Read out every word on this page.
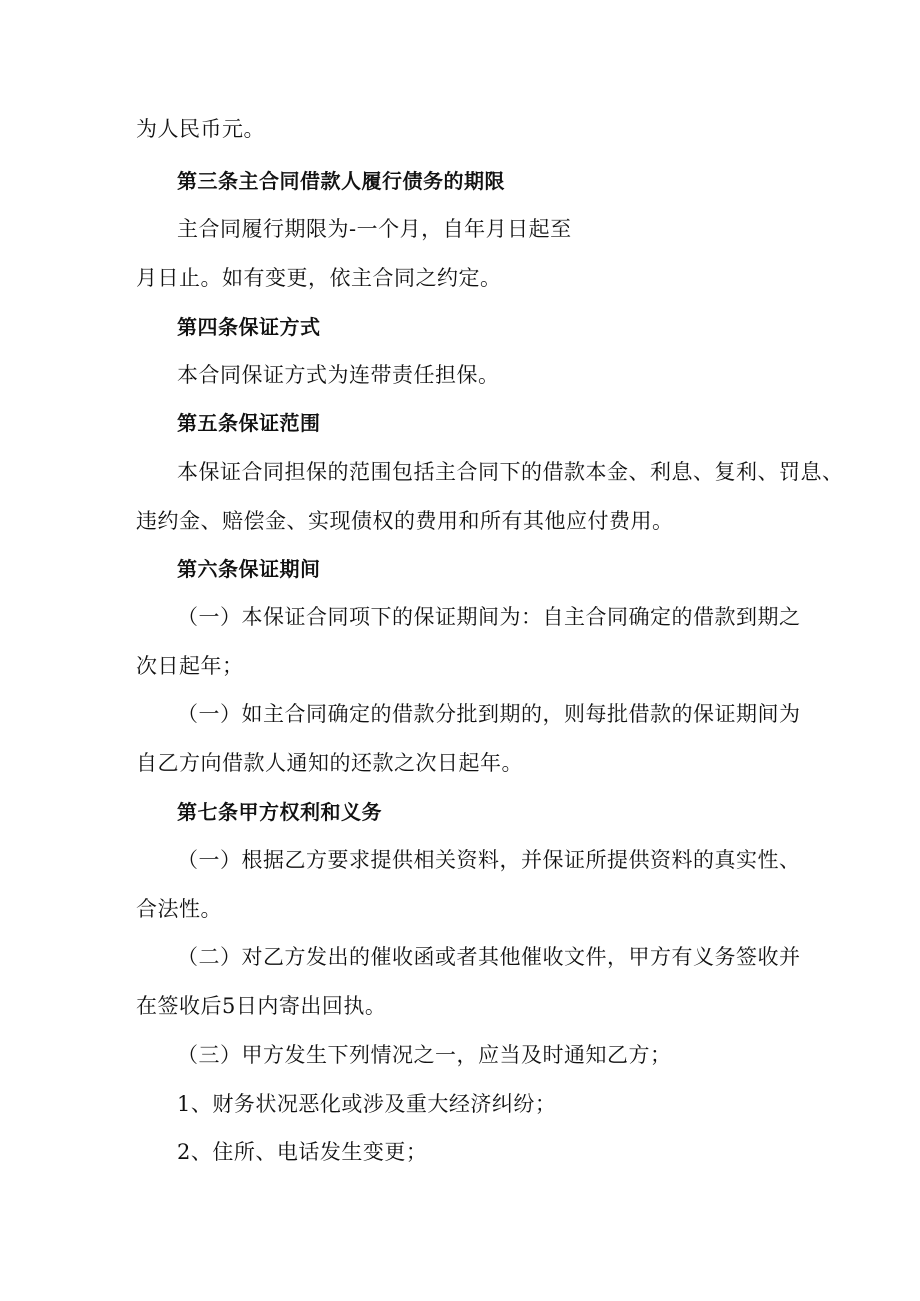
为人民币元。
第三条主合同借款人履行债务的期限
主合同履行期限为-一个月，自年月日起至
月日止。如有变更，依主合同之约定。
第四条保证方式
本合同保证方式为连带责任担保。
第五条保证范围
本保证合同担保的范围包括主合同下的借款本金、利息、复利、罚息、
违约金、赔偿金、实现债权的费用和所有其他应付费用。
第六条保证期间
（一）本保证合同项下的保证期间为：自主合同确定的借款到期之
次日起年；
（一）如主合同确定的借款分批到期的，则每批借款的保证期间为
自乙方向借款人通知的还款之次日起年。
第七条甲方权利和义务
（一）根据乙方要求提供相关资料，并保证所提供资料的真实性、
合法性。
（二）对乙方发出的催收函或者其他催收文件，甲方有义务签收并
在签收后5日内寄出回执。
（三）甲方发生下列情况之一，应当及时通知乙方；
1、财务状况恶化或涉及重大经济纠纷；
2、住所、电话发生变更；
